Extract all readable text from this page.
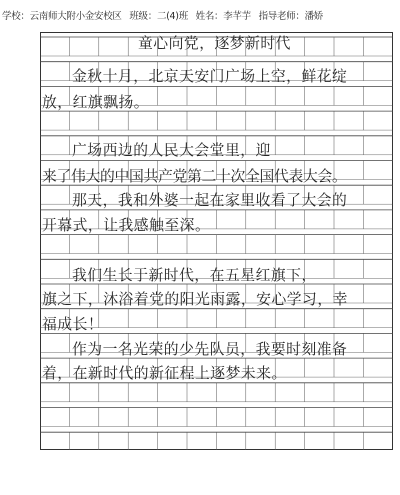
学校：云南师大附小金安校区 班级：二(4)班 姓名：李芊芋 指导老师：潘娇
童心向党，逐梦新时代
金秋十月，北京天安门广场上空，鲜花绽
放，红旗飘扬。
广场西边的人民大会堂里，迎
来了伟大的中国共产党第二十次全国代表大会。
那天，我和外婆一起在家里收看了大会的
开幕式，让我感触至深。
我们生长于新时代，在五星红旗下，
旗之下，沐浴着党的阳光雨露，安心学习，幸
福成长！
作为一名光荣的少先队员，我要时刻准备
着，在新时代的新征程上逐梦未来。
